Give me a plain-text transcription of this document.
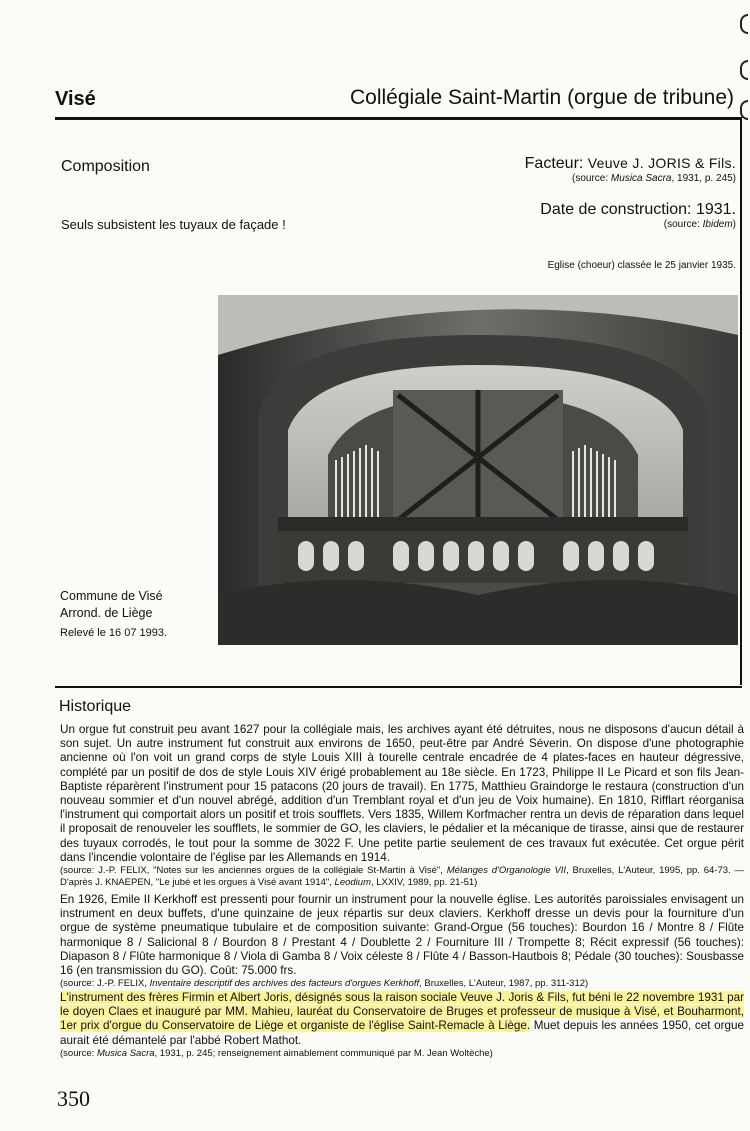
Visé	Collégiale Saint-Martin (orgue de tribune)
Composition
Seuls subsistent les tuyaux de façade !
Facteur: Veuve J. JORIS & Fils.
(source: Musica Sacra, 1931, p. 245)
Date de construction: 1931.
(source: Ibidem)
Eglise (choeur) classée le 25 janvier 1935.
Commune de Visé
Arrond. de Liège
Relevé le 16 07 1993.
Historique
Un orgue fut construit peu avant 1627 pour la collégiale mais, les archives ayant été détruites, nous ne disposons d'aucun détail à son sujet. Un autre instrument fut construit aux environs de 1650, peut-être par André Séverin. On dispose d'une photographie ancienne où l'on voit un grand corps de style Louis XIII à tourelle centrale encadrée de 4 plates-faces en hauteur dégressive, complété par un positif de dos de style Louis XIV érigé probablement au 18e siècle. En 1723, Philippe II Le Picard et son fils Jean-Baptiste réparèrent l'instrument pour 15 patacons (20 jours de travail). En 1775, Matthieu Graindorge le restaura (construction d'un nouveau sommier et d'un nouvel abrégé, addition d'un Tremblant royal et d'un jeu de Voix humaine). En 1810, Rifflart réorganisa l'instrument qui comportait alors un positif et trois soufflets. Vers 1835, Willem Korfmacher rentra un devis de réparation dans lequel il proposait de renouveler les soufflets, le sommier de GO, les claviers, le pédalier et la mécanique de tirasse, ainsi que de restaurer des tuyaux corrodés, le tout pour la somme de 3022 F. Une petite partie seulement de ces travaux fut exécutée. Cet orgue périt dans l'incendie volontaire de l'église par les Allemands en 1914.
(source: J.-P. FELIX, "Notes sur les anciennes orgues de la collégiale St-Martin à Visé", Mélanges d'Organologie VII, Bruxelles, L'Auteur, 1995, pp. 64-73. — D'après J. KNAEPEN, "Le jubé et les orgues à Visé avant 1914", Leodium, LXXIV, 1989, pp. 21-51)
En 1926, Emile II Kerkhoff est pressenti pour fournir un instrument pour la nouvelle église. Les autorités paroissiales envisagent un instrument en deux buffets, d'une quinzaine de jeux répartis sur deux claviers. Kerkhoff dresse un devis pour la fourniture d'un orgue de système pneumatique tubulaire et de composition suivante: Grand-Orgue (56 touches): Bourdon 16 / Montre 8 / Flûte harmonique 8 / Salicional 8 / Bourdon 8 / Prestant 4 / Doublette 2 / Fourniture III / Trompette 8; Récit expressif (56 touches): Diapason 8 / Flûte harmonique 8 / Viola di Gamba 8 / Voix céleste 8 / Flûte 4 / Basson-Hautbois 8; Pédale (30 touches): Sousbasse 16 (en transmission du GO). Coût: 75.000 frs.
(source: J.-P. FELIX, Inventaire descriptif des archives des facteurs d'orgues Kerkhoff, Bruxelles, L'Auteur, 1987, pp. 311-312)
L'instrument des frères Firmin et Albert Joris, désignés sous la raison sociale Veuve J. Joris & Fils, fut béni le 22 novembre 1931 par le doyen Claes et inauguré par MM. Mahieu, lauréat du Conservatoire de Bruges et professeur de musique à Visé, et Bouharmont, 1er prix d'orgue du Conservatoire de Liège et organiste de l'église Saint-Remacle à Liège. Muet depuis les années 1950, cet orgue aurait été démantelé par l'abbé Robert Mathot.
(source: Musica Sacra, 1931, p. 245; renseignement aimablement communiqué par M. Jean Woltèche)
350
